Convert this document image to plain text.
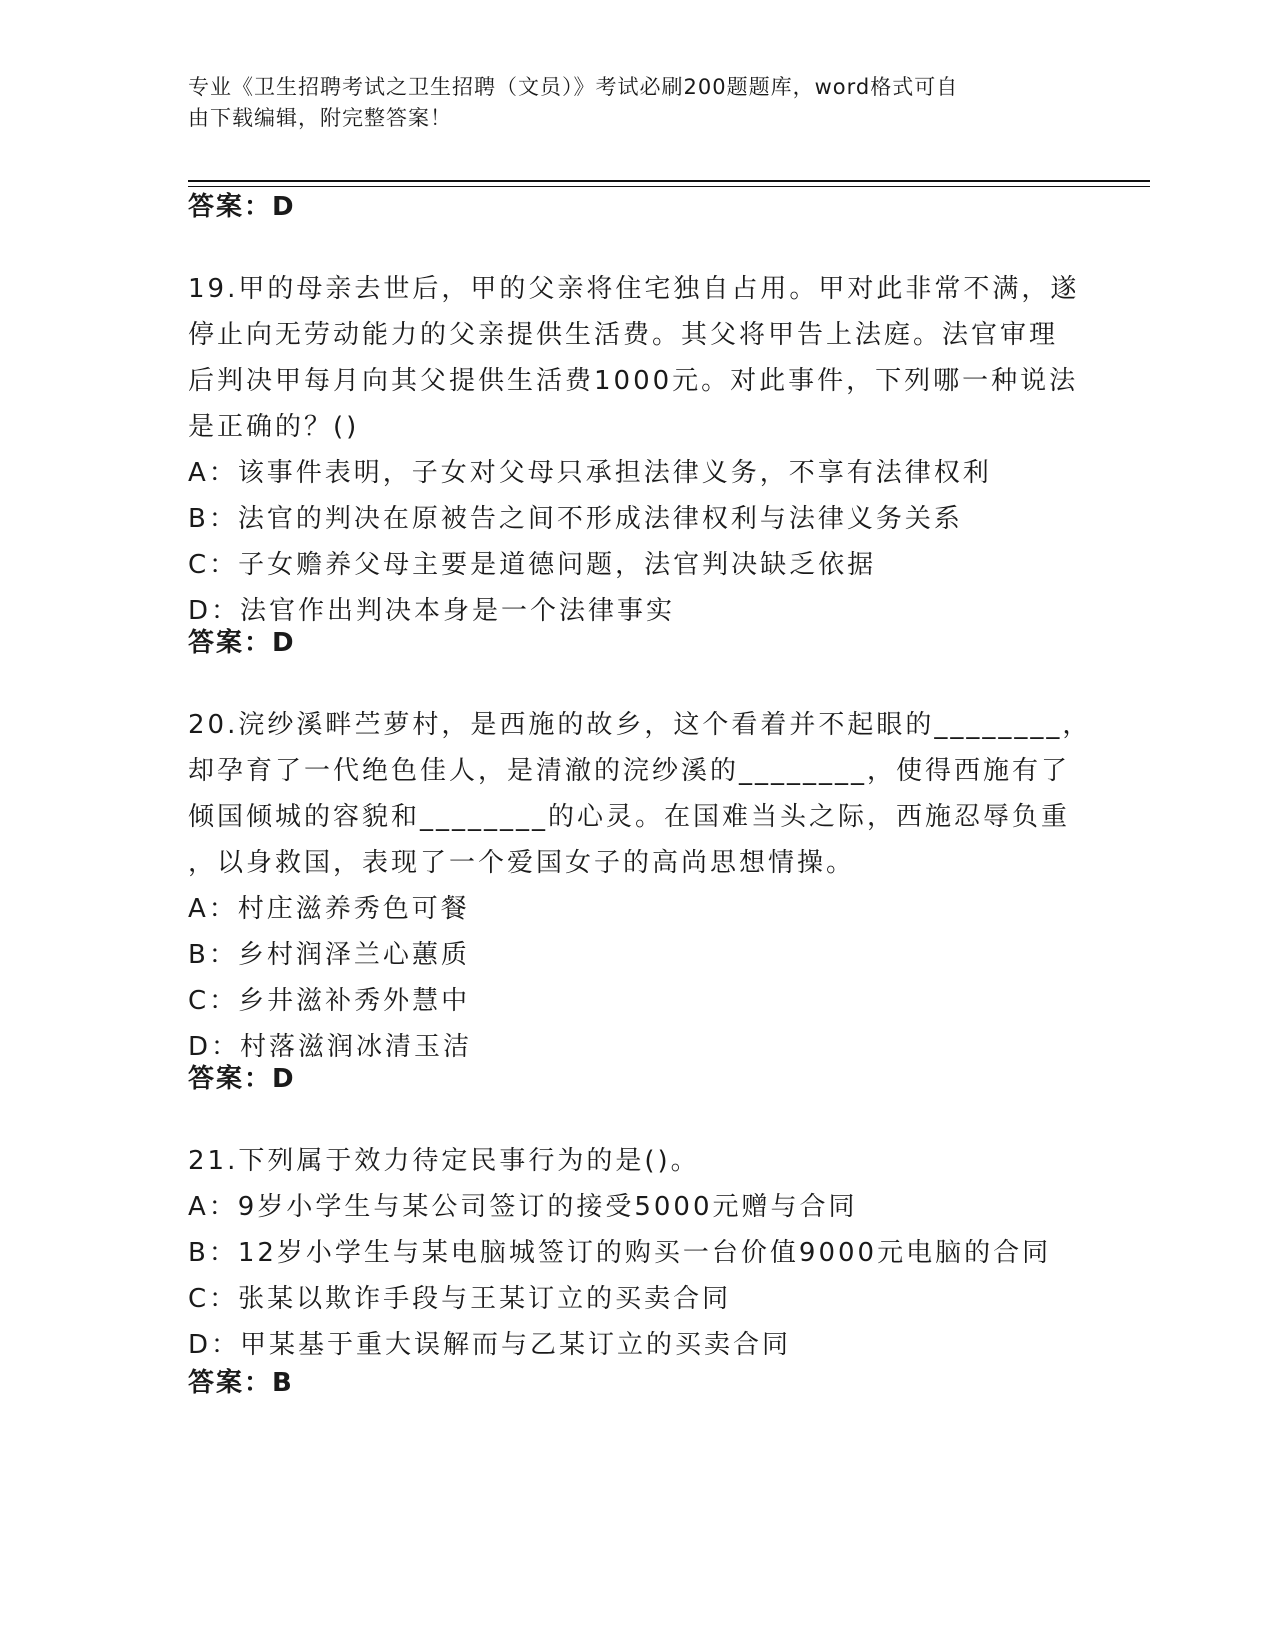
专业《卫生招聘考试之卫生招聘（文员）》考试必刷200题题库，word格式可自
由下载编辑，附完整答案！
答案：D
19.甲的母亲去世后，甲的父亲将住宅独自占用。甲对此非常不满，遂
停止向无劳动能力的父亲提供生活费。其父将甲告上法庭。法官审理
后判决甲每月向其父提供生活费1000元。对此事件，下列哪一种说法
是正确的？()
A：该事件表明，子女对父母只承担法律义务，不享有法律权利
B：法官的判决在原被告之间不形成法律权利与法律义务关系
C：子女赡养父母主要是道德问题，法官判决缺乏依据
D：法官作出判决本身是一个法律事实
答案：D
20.浣纱溪畔苎萝村，是西施的故乡，这个看着并不起眼的________，
却孕育了一代绝色佳人，是清澈的浣纱溪的________，使得西施有了
倾国倾城的容貌和________的心灵。在国难当头之际，西施忍辱负重
，以身救国，表现了一个爱国女子的高尚思想情操。
A：村庄滋养秀色可餐
B：乡村润泽兰心蕙质
C：乡井滋补秀外慧中
D：村落滋润冰清玉洁
答案：D
21.下列属于效力待定民事行为的是()。
A：9岁小学生与某公司签订的接受5000元赠与合同
B：12岁小学生与某电脑城签订的购买一台价值9000元电脑的合同
C：张某以欺诈手段与王某订立的买卖合同
D：甲某基于重大误解而与乙某订立的买卖合同
答案：B
